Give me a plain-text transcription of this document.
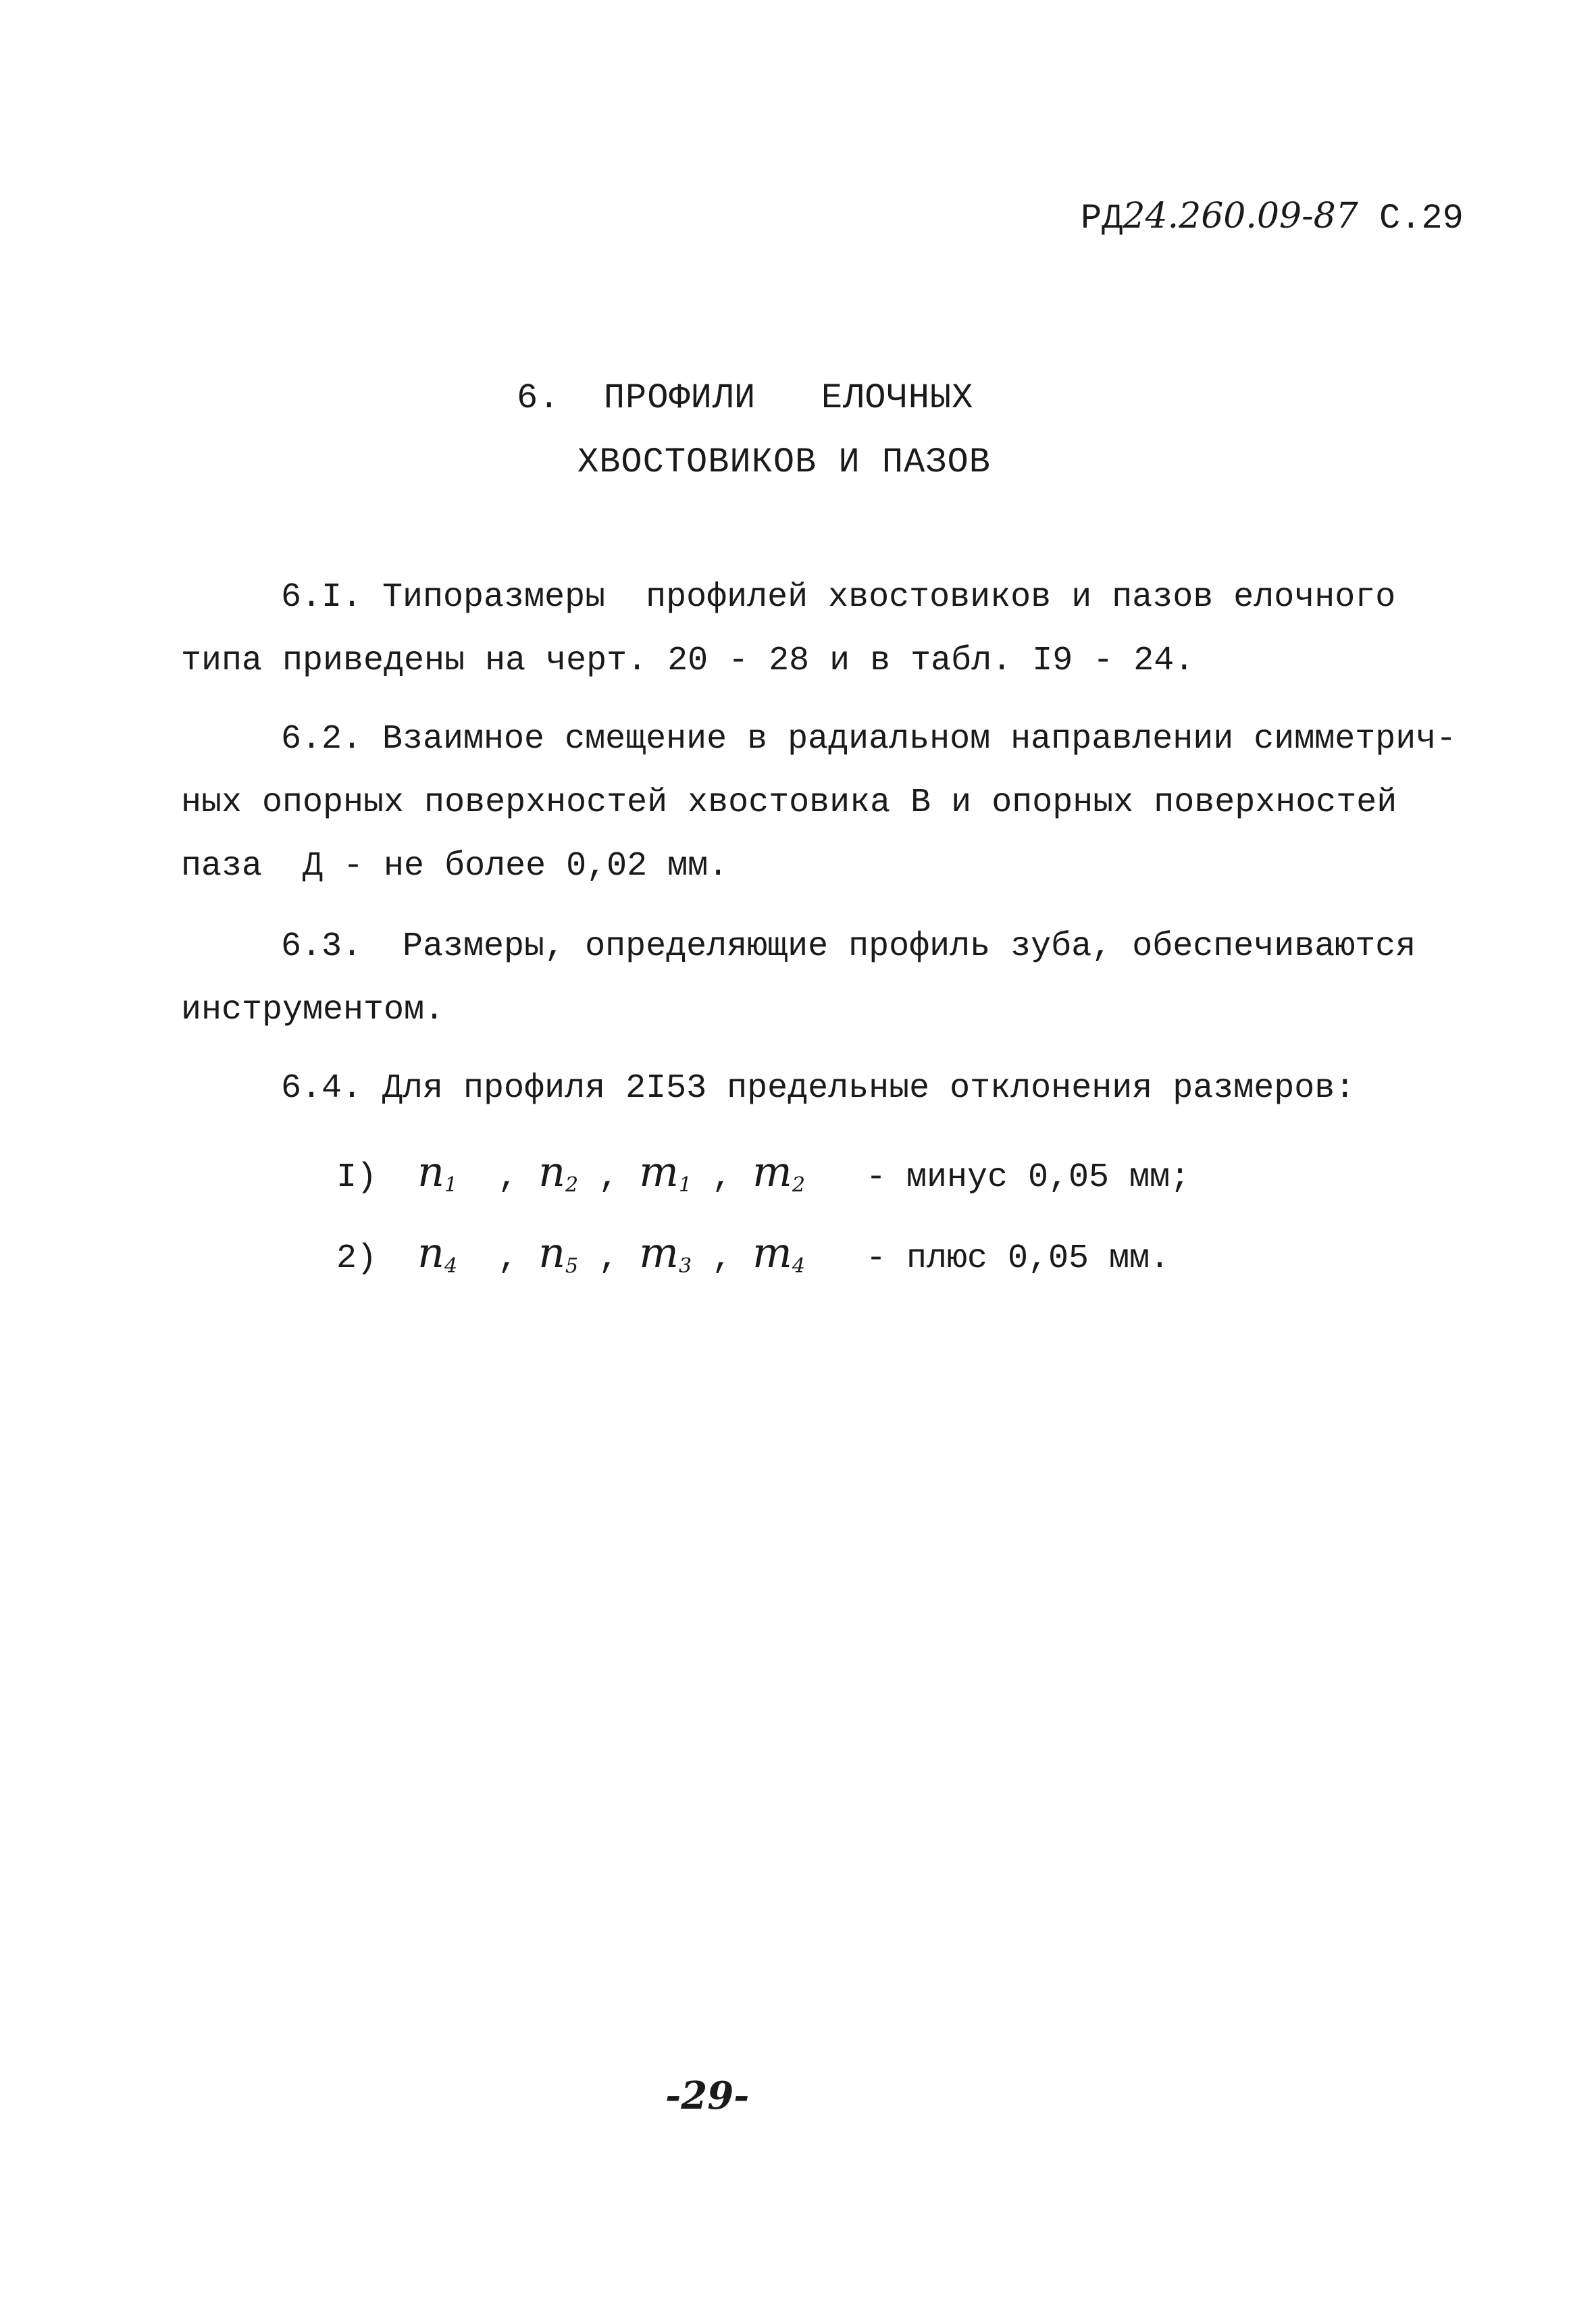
РД24.260.09-87 С.29
6.  ПРОФИЛИ   ЕЛОЧНЫХ
ХВОСТОВИКОВ И ПАЗОВ
6.I. Типоразмеры  профилей хвостовиков и пазов елочного
типа приведены на черт. 20 - 28 и в табл. I9 - 24.
6.2. Взаимное смещение в радиальном направлении симметрич-
ных опорных поверхностей хвостовика В и опорных поверхностей
паза  Д - не более 0,02 мм.
6.3.  Размеры, определяющие профиль зуба, обеспечиваются
инструментом.
6.4. Для профиля 2I53 предельные отклонения размеров:
I) $n_1$  , $n_2$ , $m_1$ , $m_2$ - минус 0,05 мм;
2) $n_4$  , $n_5$ , $m_3$ , $m_4$ - плюс 0,05 мм.
-29-
